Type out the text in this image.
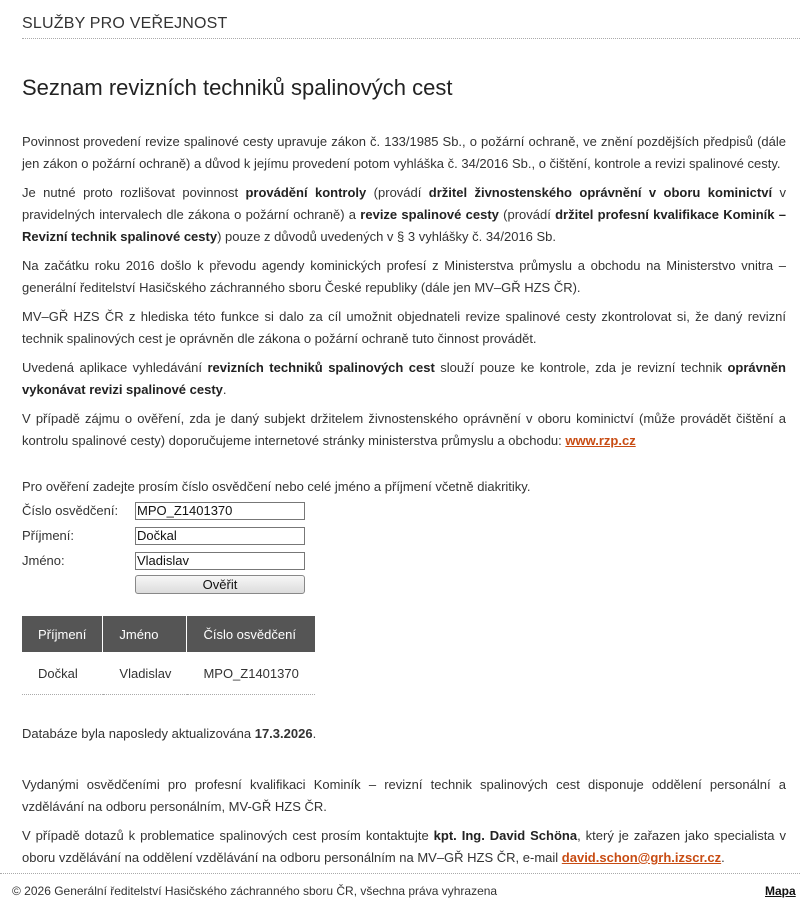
SLUŽBY PRO VEŘEJNOST
Seznam revizních techniků spalinových cest

Povinnost provedení revize spalinové cesty upravuje zákon č. 133/1985 Sb., o požární ochraně, ve znění pozdějších předpisů (dále jen zákon o požární ochraně) a důvod k jejímu provedení potom vyhláška č. 34/2016 Sb., o čištění, kontrole a revizi spalinové cesty.

Je nutné proto rozlišovat povinnost provádění kontroly (provádí držitel živnostenského oprávnění v oboru kominictví v pravidelných intervalech dle zákona o požární ochraně) a revize spalinové cesty (provádí držitel profesní kvalifikace Kominík – Revizní technik spalinové cesty) pouze z důvodů uvedených v § 3 vyhlášky č. 34/2016 Sb.

Na začátku roku 2016 došlo k převodu agendy kominických profesí z Ministerstva průmyslu a obchodu na Ministerstvo vnitra – generální ředitelství Hasičského záchranného sboru České republiky (dále jen MV–GŘ HZS ČR).

MV–GŘ HZS ČR z hlediska této funkce si dalo za cíl umožnit objednateli revize spalinové cesty zkontrolovat si, že daný revizní technik spalinových cest je oprávněn dle zákona o požární ochraně tuto činnost provádět.

Uvedená aplikace vyhledávání revizních techniků spalinových cest slouží pouze ke kontrole, zda je revizní technik oprávněn vykonávat revizi spalinové cesty.

V případě zájmu o ověření, zda je daný subjekt držitelem živnostenského oprávnění v oboru kominictví (může provádět čištění a kontrolu spalinové cesty) doporučujeme internetové stránky ministerstva průmyslu a obchodu: www.rzp.cz

Pro ověření zadejte prosím číslo osvědčení nebo celé jméno a příjmení včetně diakritiky.
Číslo osvědčení:
MPO_Z1401370
Příjmení:
Dočkal
Jméno:
Vladislav
Ověřit
Příjmení	Jméno	Číslo osvědčení
Dočkal	Vladislav	MPO_Z1401370
Databáze byla naposledy aktualizována 17.3.2026.

Vydanými osvědčeními pro profesní kvalifikaci Kominík – revizní technik spalinových cest disponuje oddělení personální a vzdělávání na odboru personálním, MV-GŘ HZS ČR.

V případě dotazů k problematice spalinových cest prosím kontaktujte kpt. Ing. David Schöna, který je zařazen jako specialista v oboru vzdělávání na oddělení vzdělávání na odboru personálním na MV–GŘ HZS ČR, e-mail david.schon@grh.izscr.cz.

© 2026 Generální ředitelství Hasičského záchranného sboru ČR, všechna práva vyhrazena	Mapa
